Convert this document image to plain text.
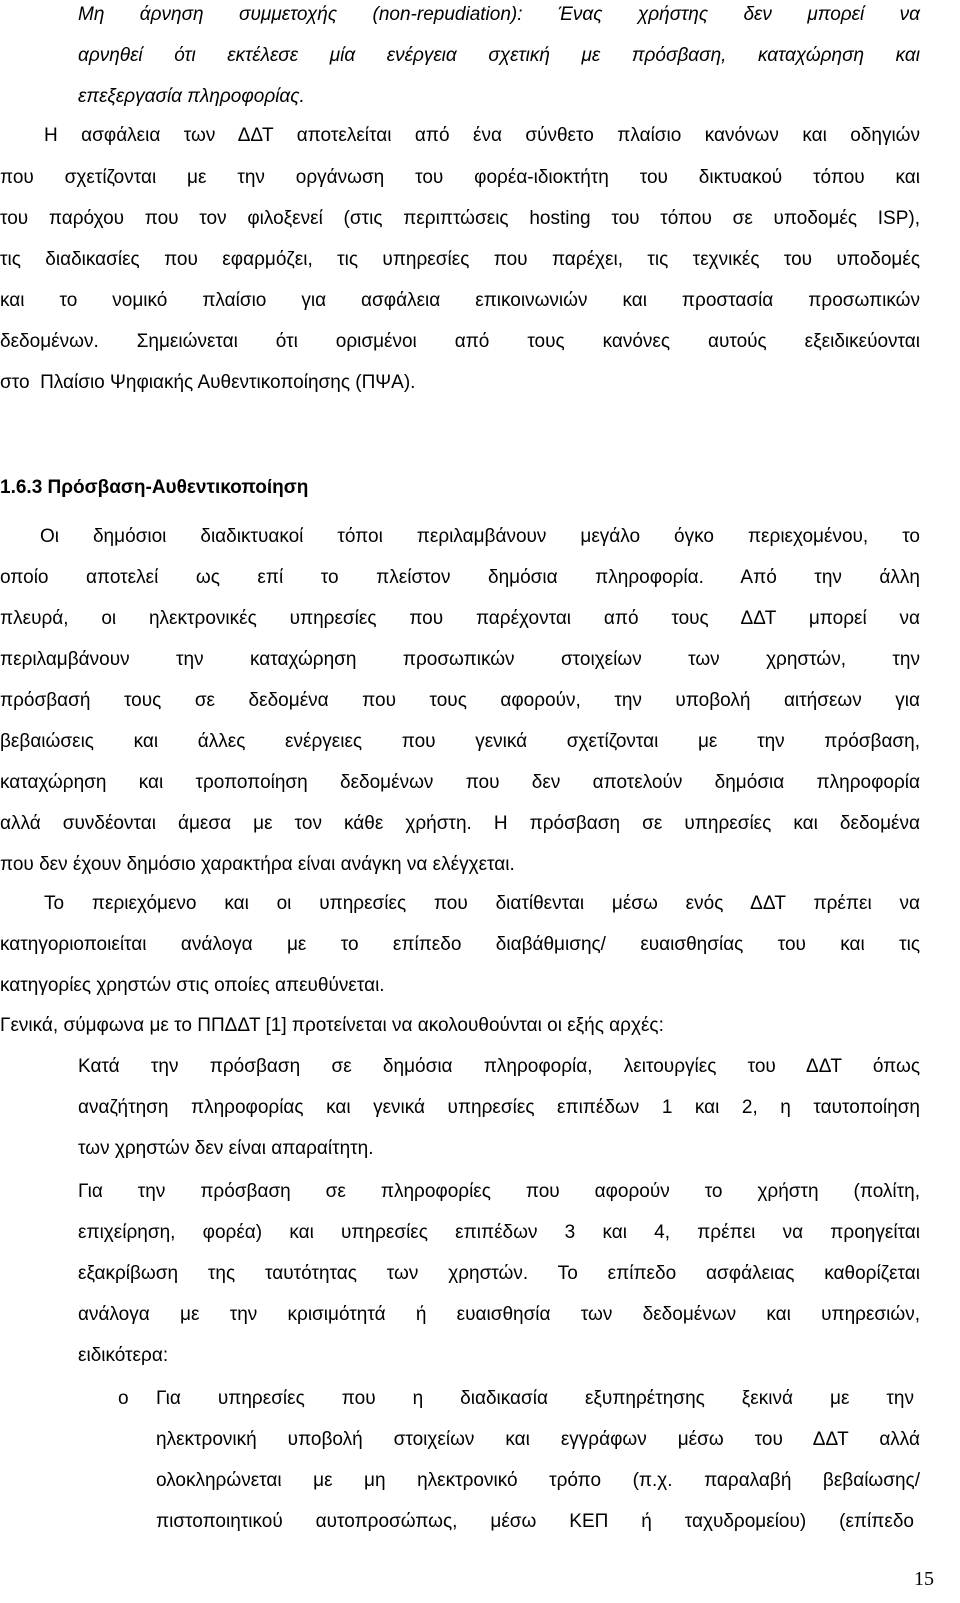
Μη άρνηση συμμετοχής (non-repudiation): Ένας χρήστης δεν μπορεί να
αρνηθεί ότι εκτέλεσε μία ενέργεια σχετική με πρόσβαση, καταχώρηση και
επεξεργασία πληροφορίας.
Η ασφάλεια των ΔΔΤ αποτελείται από ένα σύνθετο πλαίσιο κανόνων και οδηγιών
που σχετίζονται με την οργάνωση του φορέα-ιδιοκτήτη του δικτυακού τόπου και
του παρόχου που τον φιλοξενεί (στις περιπτώσεις hosting του τόπου σε υποδομές ISP),
τις διαδικασίες που εφαρμόζει, τις υπηρεσίες που παρέχει, τις τεχνικές του υποδομές
και το νομικό πλαίσιο για ασφάλεια επικοινωνιών και προστασία προσωπικών
δεδομένων. Σημειώνεται ότι ορισμένοι από τους κανόνες αυτούς εξειδικεύονται
στο  Πλαίσιο Ψηφιακής Αυθεντικοποίησης (ΠΨΑ).
1.6.3 Πρόσβαση-Αυθεντικοποίηση
Οι δημόσιοι διαδικτυακοί τόποι περιλαμβάνουν μεγάλο όγκο περιεχομένου, το
οποίο αποτελεί ως επί το πλείστον δημόσια πληροφορία. Από την άλλη
πλευρά, οι ηλεκτρονικές υπηρεσίες που παρέχονται από τους ΔΔΤ μπορεί να
περιλαμβάνουν την καταχώρηση προσωπικών στοιχείων των χρηστών, την
πρόσβασή τους σε δεδομένα που τους αφορούν, την υποβολή αιτήσεων για
βεβαιώσεις και άλλες ενέργειες που γενικά σχετίζονται με την πρόσβαση,
καταχώρηση και τροποποίηση δεδομένων που δεν αποτελούν δημόσια πληροφορία
αλλά συνδέονται άμεσα με τον κάθε χρήστη. Η πρόσβαση σε υπηρεσίες και δεδομένα
που δεν έχουν δημόσιο χαρακτήρα είναι ανάγκη να ελέγχεται.
Το περιεχόμενο και οι υπηρεσίες που διατίθενται μέσω ενός ΔΔΤ πρέπει να
κατηγοριοποιείται ανάλογα με το επίπεδο διαβάθμισης/ ευαισθησίας του και τις
κατηγορίες χρηστών στις οποίες απευθύνεται.
Γενικά, σύμφωνα με το ΠΠΔΔΤ [1] προτείνεται να ακολουθούνται οι εξής αρχές:
Κατά την πρόσβαση σε δημόσια πληροφορία, λειτουργίες του ΔΔΤ όπως
αναζήτηση πληροφορίας και γενικά υπηρεσίες επιπέδων 1 και 2, η ταυτοποίηση
των χρηστών δεν είναι απαραίτητη.
Για την πρόσβαση σε πληροφορίες που αφορούν το χρήστη (πολίτη,
επιχείρηση, φορέα) και υπηρεσίες επιπέδων 3 και 4, πρέπει να προηγείται
εξακρίβωση της ταυτότητας των χρηστών. Το επίπεδο ασφάλειας καθορίζεται
ανάλογα με την κρισιμότητά ή ευαισθησία των δεδομένων και υπηρεσιών,
ειδικότερα:
o Για υπηρεσίες που η διαδικασία εξυπηρέτησης ξεκινά με την
ηλεκτρονική υποβολή στοιχείων και εγγράφων μέσω του ΔΔΤ αλλά
ολοκληρώνεται με μη ηλεκτρονικό τρόπο (π.χ. παραλαβή βεβαίωσης/
πιστοποιητικού αυτοπροσώπως, μέσω ΚΕΠ ή ταχυδρομείου) (επίπεδο
15
